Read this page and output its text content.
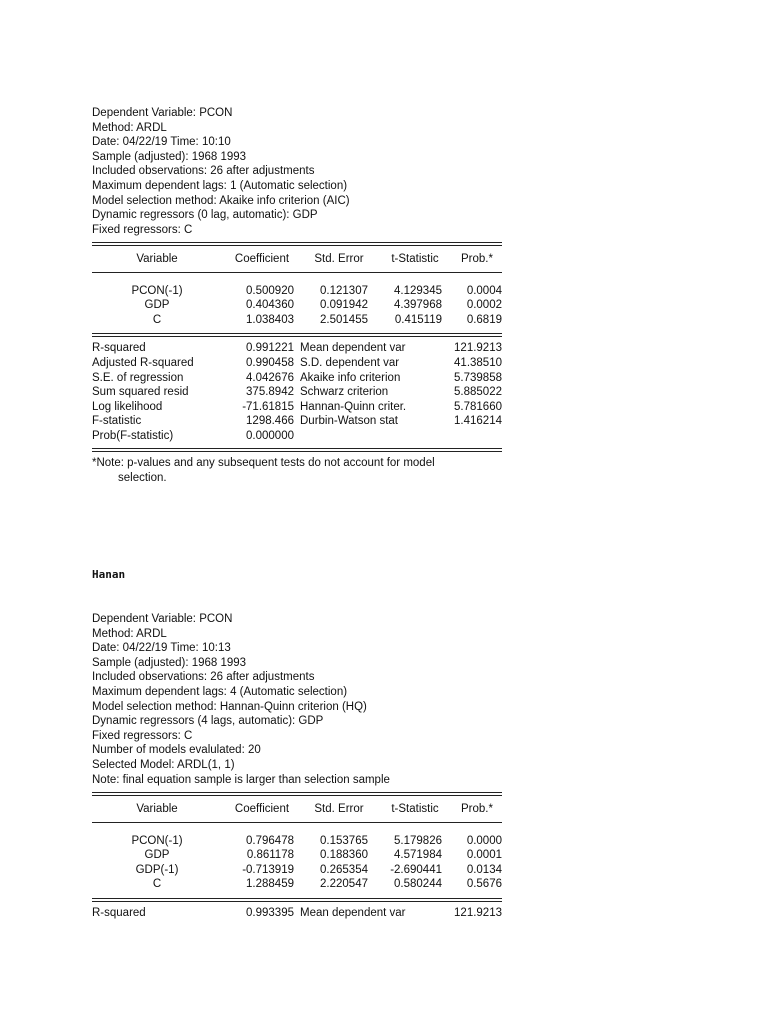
Dependent Variable: PCON
Method: ARDL
Date: 04/22/19 Time: 10:10
Sample (adjusted): 1968 1993
Included observations: 26 after adjustments
Maximum dependent lags: 1 (Automatic selection)
Model selection method: Akaike info criterion (AIC)
Dynamic regressors (0 lag, automatic): GDP
Fixed regressors: C
Variable	Coefficient	Std. Error	t-Statistic	Prob.*
PCON(-1)	0.500920	0.121307	4.129345	0.0004
GDP	0.404360	0.091942	4.397968	0.0002
C	1.038403	2.501455	0.415119	0.6819
R-squared	0.991221 Mean dependent var	121.9213
Adjusted R-squared	0.990458 S.D. dependent var	41.38510
S.E. of regression	4.042676 Akaike info criterion	5.739858
Sum squared resid	375.8942 Schwarz criterion	5.885022
Log likelihood	-71.61815 Hannan-Quinn criter.	5.781660
F-statistic	1298.466 Durbin-Watson stat	1.416214
Prob(F-statistic)	0.000000
*Note: p-values and any subsequent tests do not account for model
selection.
Hanan
Dependent Variable: PCON
Method: ARDL
Date: 04/22/19 Time: 10:13
Sample (adjusted): 1968 1993
Included observations: 26 after adjustments
Maximum dependent lags: 4 (Automatic selection)
Model selection method: Hannan-Quinn criterion (HQ)
Dynamic regressors (4 lags, automatic): GDP
Fixed regressors: C
Number of models evalulated: 20
Selected Model: ARDL(1, 1)
Note: final equation sample is larger than selection sample
Variable	Coefficient	Std. Error	t-Statistic	Prob.*
PCON(-1)	0.796478	0.153765	5.179826	0.0000
GDP	0.861178	0.188360	4.571984	0.0001
GDP(-1)	-0.713919	0.265354	-2.690441	0.0134
C	1.288459	2.220547	0.580244	0.5676
R-squared	0.993395 Mean dependent var	121.9213
